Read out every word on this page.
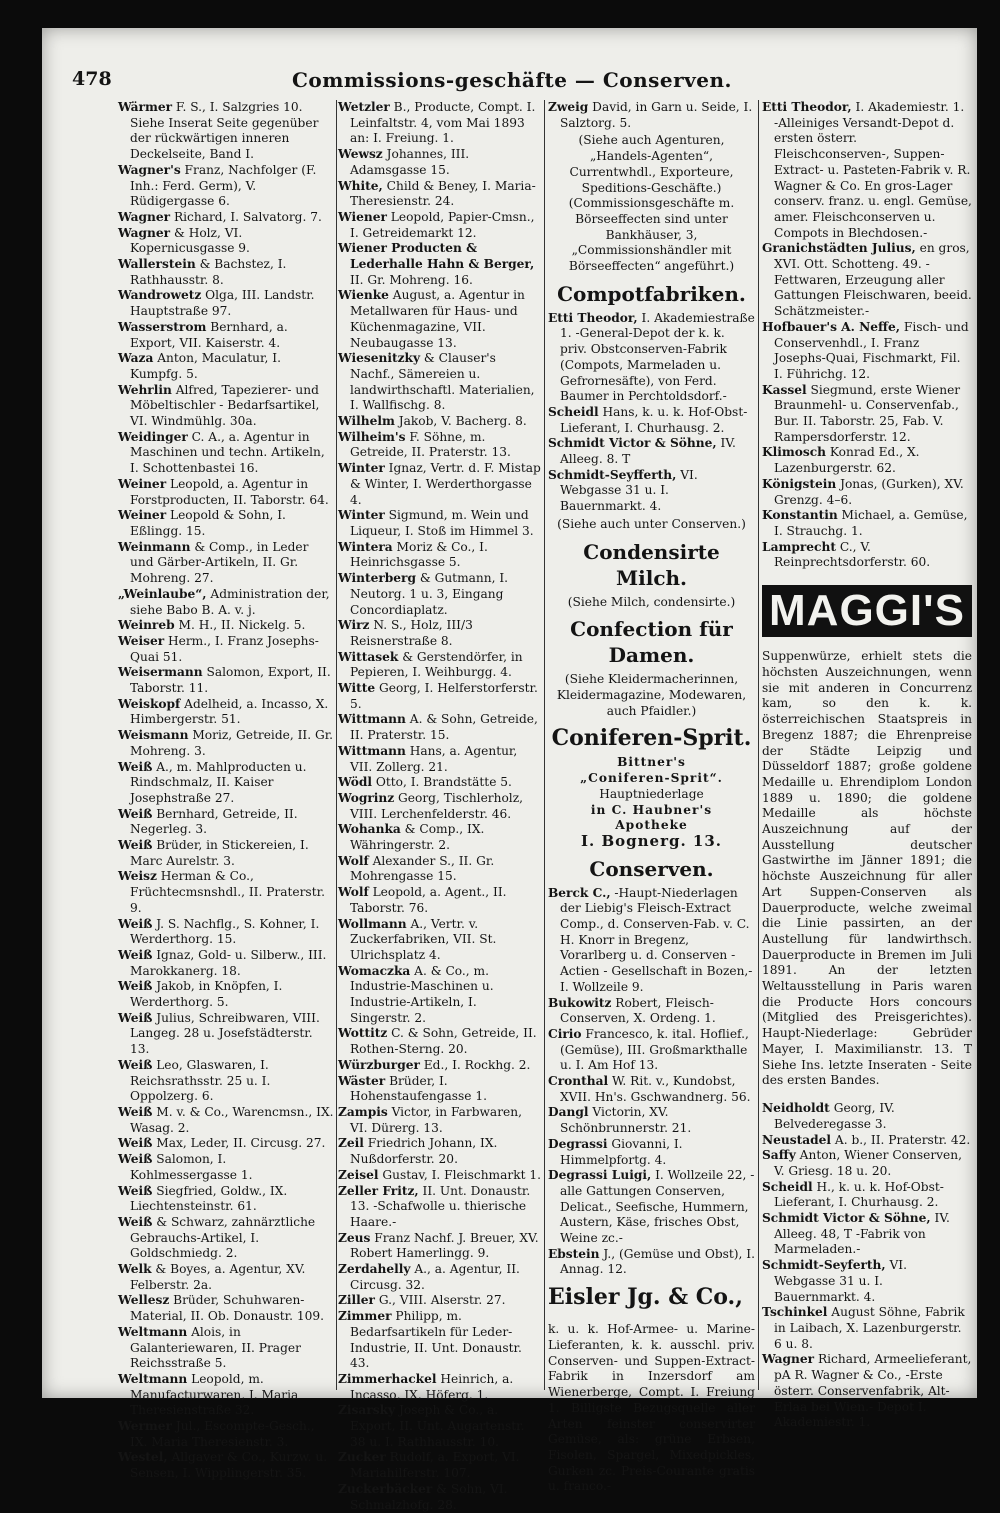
478	Commissions-geschäfte — Conserven.

Wärmer F. S., I. Salzgries 10. Siehe Inserat Seite gegenüber der rückwärtigen inneren Deckelseite, Band I.

Wagner's Franz, Nachfolger (F. Inh.: Ferd. Germ), V. Rüdigergasse 6.

Wagner Richard, I. Salvatorg. 7.

Wagner & Holz, VI. Kopernicusgasse 9.

Wallerstein & Bachstez, I. Rathhausstr. 8.

Wandrowetz Olga, III. Landstr. Hauptstraße 97.

Wasserstrom Bernhard, a. Export, VII. Kaiserstr. 4.

Waza Anton, Maculatur, I. Kumpfg. 5.

Wehrlin Alfred, Tapezierer- und Möbeltischler - Bedarfsartikel, VI. Windmühlg. 30a.

Weidinger C. A., a. Agentur in Maschinen und techn. Artikeln, I. Schottenbastei 16.

Weiner Leopold, a. Agentur in Forstproducten, II. Taborstr. 64.

Weiner Leopold & Sohn, I. Eßlingg. 15.

Weinmann & Comp., in Leder und Gärber-Artikeln, II. Gr. Mohreng. 27.

„Weinlaube“, Administration der, siehe Babo B. A. v. j.

Weinreb M. H., II. Nickelg. 5.

Weiser Herm., I. Franz Josephs-Quai 51.

Weisermann Salomon, Export, II. Taborstr. 11.

Weiskopf Adelheid, a. Incasso, X. Himbergerstr. 51.

Weismann Moriz, Getreide, II. Gr. Mohreng. 3.

Weiß A., m. Mahlproducten u. Rindschmalz, II. Kaiser Josephstraße 27.

Weiß Bernhard, Getreide, II. Negerleg. 3.

Weiß Brüder, in Stickereien, I. Marc Aurelstr. 3.

Weisz Herman & Co., Früchtecmsnshdl., II. Praterstr. 9.

Weiß J. S. Nachflg., S. Kohner, I. Werderthorg. 15.

Weiß Ignaz, Gold- u. Silberw., III. Marokkanerg. 18.

Weiß Jakob, in Knöpfen, I. Werderthorg. 5.

Weiß Julius, Schreibwaren, VIII. Langeg. 28 u. Josefstädterstr. 13.

Weiß Leo, Glaswaren, I. Reichsrathsstr. 25 u. I. Oppolzerg. 6.

Weiß M. v. & Co., Warencmsn., IX. Wasag. 2.

Weiß Max, Leder, II. Circusg. 27.

Weiß Salomon, I. Kohlmessergasse 1.

Weiß Siegfried, Goldw., IX. Liechtensteinstr. 61.

Weiß & Schwarz, zahnärztliche Gebrauchs-Artikel, I. Goldschmiedg. 2.

Welk & Boyes, a. Agentur, XV. Felberstr. 2a.

Wellesz Brüder, Schuhwaren-Material, II. Ob. Donaustr. 109.

Weltmann Alois, in Galanteriewaren, II. Prager Reichsstraße 5.

Weltmann Leopold, m. Manufacturwaren, I. Maria Theresienstraße 32.

Wermer Jul., Escompte-Gesch., IX. Maria Theresienstr. 3.

Westel, Allgaver & Co., Kurzw. u. Sensen, I. Wipplingerstr. 35.

Wetzler B., Producte, Compt. I. Leinfaltstr. 4, vom Mai 1893 an: I. Freiung. 1.

Wewsz Johannes, III. Adamsgasse 15.

White, Child & Beney, I. Maria-Theresienstr. 24.

Wiener Leopold, Papier-Cmsn., I. Getreidemarkt 12.

Wiener Producten & Lederhalle Hahn & Berger, II. Gr. Mohreng. 16.

Wienke August, a. Agentur in Metallwaren für Haus- und Küchenmagazine, VII. Neubaugasse 13.

Wiesenitzky & Clauser's Nachf., Sämereien u. landwirthschaftl. Materialien, I. Wallfischg. 8.

Wilhelm Jakob, V. Bacherg. 8.

Wilheim's F. Söhne, m. Getreide, II. Praterstr. 13.

Winter Ignaz, Vertr. d. F. Mistap & Winter, I. Werderthorgasse 4.

Winter Sigmund, m. Wein und Liqueur, I. Stoß im Himmel 3.

Wintera Moriz & Co., I. Heinrichsgasse 5.

Winterberg & Gutmann, I. Neutorg. 1 u. 3, Eingang Concordiaplatz.

Wirz N. S., Holz, III/3 Reisnerstraße 8.

Wittasek & Gerstendörfer, in Pepieren, I. Weihburgg. 4.

Witte Georg, I. Helferstorferstr. 5.

Wittmann A. & Sohn, Getreide, II. Praterstr. 15.

Wittmann Hans, a. Agentur, VII. Zollerg. 21.

Wödl Otto, I. Brandstätte 5.

Wogrinz Georg, Tischlerholz, VIII. Lerchenfelderstr. 46.

Wohanka & Comp., IX. Währingerstr. 2.

Wolf Alexander S., II. Gr. Mohrengasse 15.

Wolf Leopold, a. Agent., II. Taborstr. 76.

Wollmann A., Vertr. v. Zuckerfabriken, VII. St. Ulrichsplatz 4.

Womaczka A. & Co., m. Industrie-Maschinen u. Industrie-Artikeln, I. Singerstr. 2.

Wottitz C. & Sohn, Getreide, II. Rothen-Sterng. 20.

Würzburger Ed., I. Rockhg. 2.

Wäster Brüder, I. Hohenstaufengasse 1.

Zampis Victor, in Farbwaren, VI. Dürerg. 13.

Zeil Friedrich Johann, IX. Nußdorferstr. 20.

Zeisel Gustav, I. Fleischmarkt 1.

Zeller Fritz, II. Unt. Donaustr. 13. -Schafwolle u. thierische Haare.-

Zeus Franz Nachf. J. Breuer, XV. Robert Hamerlingg. 9.

Zerdahelly A., a. Agentur, II. Circusg. 32.

Ziller G., VIII. Alserstr. 27.

Zimmer Philipp, m. Bedarfsartikeln für Leder-Industrie, II. Unt. Donaustr. 43.

Zimmerhackel Heinrich, a. Incasso, IX. Höferg. 1.

Zisarsky Joseph & Co., a. Export, II. Unt. Augartenstr. 38 u. I. Rathhausstr. 10.

Zucker Rudolf, a. Export, VI. Mariahilferstr. 107.

Zuckerbäcker & Sohn, VI. Schmalzhofg. 28.

Zweig David, in Garn u. Seide, I. Salztorg. 5.

(Siehe auch Agenturen, „Handels-Agenten“, Currentwhdl., Exporteure, Speditions-Geschäfte.) (Commissionsgeschäfte m. Börseeffecten sind unter Bankhäuser, 3, „Commissionshändler mit Börseeffecten“ angeführt.)

Compotfabriken.

Etti Theodor, I. Akademiestraße 1. -General-Depot der k. k. priv. Obstconserven-Fabrik (Compots, Marmeladen u. Gefrornesäfte), von Ferd. Baumer in Perchtoldsdorf.-

Scheidl Hans, k. u. k. Hof-Obst-Lieferant, I. Churhausg. 2.

Schmidt Victor & Söhne, IV. Alleeg. 8. T

Schmidt-Seyfferth, VI. Webgasse 31 u. I. Bauernmarkt. 4.

(Siehe auch unter Conserven.)

Condensirte Milch.

(Siehe Milch, condensirte.)

Confection für Damen.

(Siehe Kleidermacherinnen, Kleidermagazine, Modewaren, auch Pfaidler.)

Coniferen-Sprit.
Bittner's
„Coniferen-Sprit“.
Hauptniederlage
in C. Haubner's
Apotheke
I. Bognerg. 13.
Conserven.

Berck C., -Haupt-Niederlagen der Liebig's Fleisch-Extract Comp., d. Conserven-Fab. v. C. H. Knorr in Bregenz, Vorarlberg u. d. Conserven - Actien - Gesellschaft in Bozen,- I. Wollzeile 9.

Bukowitz Robert, Fleisch-Conserven, X. Ordeng. 1.

Cirio Francesco, k. ital. Hoflief., (Gemüse), III. Großmarkthalle u. I. Am Hof 13.

Cronthal W. Rit. v., Kundobst, XVII. Hn's. Gschwandnerg. 56.

Dangl Victorin, XV. Schönbrunnerstr. 21.

Degrassi Giovanni, I. Himmelpfortg. 4.

Degrassi Luigi, I. Wollzeile 22, -alle Gattungen Conserven, Delicat., Seefische, Hummern, Austern, Käse, frisches Obst, Weine zc.-

Ebstein J., (Gemüse und Obst), I. Annag. 12.

Eisler Jg. & Co.,

k. u. k. Hof-Armee- u. Marine-Lieferanten, k. k. ausschl. priv. Conserven- und Suppen-Extract-Fabrik in Inzersdorf am Wienerberge, Compt. I. Freiung 1. Billigste Bezugsquelle aller Arten feinster conservirter Gemüse, als: grüne Erbsen, Fisolen, Spargel, Mixedpickles, Gurken zc. Preis-Courante gratis u. franco.-

Etti Theodor, I. Akademiestr. 1. -Alleiniges Versandt-Depot d. ersten österr. Fleischconserven-, Suppen-Extract- u. Pasteten-Fabrik v. R. Wagner & Co. En gros-Lager conserv. franz. u. engl. Gemüse, amer. Fleischconserven u. Compots in Blechdosen.-

Granichstädten Julius, en gros, XVI. Ott. Schotteng. 49. -Fettwaren, Erzeugung aller Gattungen Fleischwaren, beeid. Schätzmeister.-

Hofbauer's A. Neffe, Fisch- und Conservenhdl., I. Franz Josephs-Quai, Fischmarkt, Fil. I. Führichg. 12.

Kassel Siegmund, erste Wiener Braunmehl- u. Conservenfab., Bur. II. Taborstr. 25, Fab. V. Rampersdorferstr. 12.

Klimosch Konrad Ed., X. Lazenburgerstr. 62.

Königstein Jonas, (Gurken), XV. Grenzg. 4–6.

Konstantin Michael, a. Gemüse, I. Strauchg. 1.

Lamprecht C., V. Reinprechtsdorferstr. 60.

MAGGI'S

Suppenwürze, erhielt stets die höchsten Auszeichnungen, wenn sie mit anderen in Concurrenz kam, so den k. k. österreichischen Staatspreis in Bregenz 1887; die Ehrenpreise der Städte Leipzig und Düsseldorf 1887; große goldene Medaille u. Ehrendiplom London 1889 u. 1890; die goldene Medaille als höchste Auszeichnung auf der Ausstellung deutscher Gastwirthe im Jänner 1891; die höchste Auszeichnung für aller Art Suppen-Conserven als Dauerproducte, welche zweimal die Linie passirten, an der Austellung für landwirthsch. Dauerproducte in Bremen im Juli 1891. An der letzten Weltausstellung in Paris waren die Producte Hors concours (Mitglied des Preisgerichtes). Haupt-Niederlage: Gebrüder Mayer, I. Maximilianstr. 13. T Siehe Ins. letzte Inseraten - Seite des ersten Bandes.

Neidholdt Georg, IV. Belvederegasse 3.

Neustadel A. b., II. Praterstr. 42.

Saffy Anton, Wiener Conserven, V. Griesg. 18 u. 20.

Scheidl H., k. u. k. Hof-Obst-Lieferant, I. Churhausg. 2.

Schmidt Victor & Söhne, IV. Alleeg. 48, T -Fabrik von Marmeladen.-

Schmidt-Seyferth, VI. Webgasse 31 u. I. Bauernmarkt. 4.

Tschinkel August Söhne, Fabrik in Laibach, X. Lazenburgerstr. 6 u. 8.

Wagner Richard, Armeelieferant, pA R. Wagner & Co., -Erste österr. Conservenfabrik, Alt-Erlaa bei Wien.- Depot I. Akademiestr. 1.
